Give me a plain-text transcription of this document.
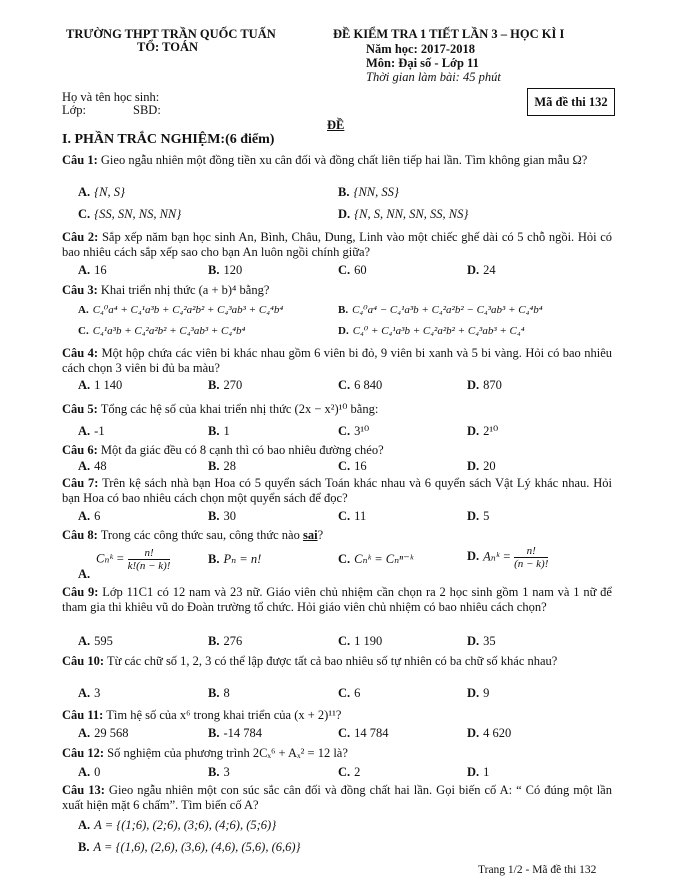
TRƯỜNG THPT TRẦN QUỐC TUẤN
TỔ: TOÁN
ĐỀ KIỂM TRA 1 TIẾT LẦN 3 – HỌC KÌ I
Năm học: 2017-2018
Môn: Đại số - Lớp 11
Thời gian làm bài: 45 phút
Họ và tên học sinh:
Lớp:	SBD:
Mã đề thi 132
ĐỀ
I. PHẦN TRẮC NGHIỆM:(6 điểm)
Câu 1: Gieo ngẫu nhiên một đồng tiền xu cân đối và đồng chất liên tiếp hai lần. Tìm không gian mẫu Ω?
A. {N, S}	B. {NN, SS}
C. {SS, SN, NS, NN}	D. {N, S, NN, SN, SS, NS}
Câu 2: Sắp xếp năm bạn học sinh An, Bình, Châu, Dung, Linh vào một chiếc ghế dài có 5 chỗ ngồi. Hỏi có bao nhiêu cách sắp xếp sao cho bạn An luôn ngồi chính giữa?
A. 16	B. 120	C. 60	D. 24
Câu 3: Khai triển nhị thức (a + b)⁴ bằng?
A. C₄⁰a⁴ + C₄¹a³b + C₄²a²b² + C₄³ab³ + C₄⁴b⁴	B. C₄⁰a⁴ − C₄¹a³b + C₄²a²b² − C₄³ab³ + C₄⁴b⁴
C. C₄¹a³b + C₄²a²b² + C₄³ab³ + C₄⁴b⁴	D. C₄⁰ + C₄¹a³b + C₄²a²b² + C₄³ab³ + C₄⁴
Câu 4: Một hộp chứa các viên bi khác nhau gồm 6 viên bi đỏ, 9 viên bi xanh và 5 bi vàng. Hỏi có bao nhiêu cách chọn 3 viên bi đủ ba màu?
A. 1 140	B. 270	C. 6 840	D. 870
Câu 5: Tổng các hệ số của khai triển nhị thức (2x − x²)¹⁰ bằng:
A. -1	B. 1	C. 3¹⁰	D. 2¹⁰
Câu 6: Một đa giác đều có 8 cạnh thì có bao nhiêu đường chéo?
A. 48	B. 28	C. 16	D. 20
Câu 7: Trên kệ sách nhà bạn Hoa có 5 quyển sách Toán khác nhau và 6 quyển sách Vật Lý khác nhau. Hỏi bạn Hoa có bao nhiêu cách chọn một quyển sách để đọc?
A. 6	B. 30	C. 11	D. 5
Câu 8: Trong các công thức sau, công thức nào sai?
A.
Cₙᵏ = $\frac{n!}{k!(n - k)!}$	B. Pₙ = n!	C. Cₙᵏ = Cₙⁿ⁻ᵏ	D. Aₙᵏ = $\frac{n!}{(n - k)!}$
Câu 9: Lớp 11C1 có 12 nam và 23 nữ. Giáo viên chủ nhiệm cần chọn ra 2 học sinh gồm 1 nam và 1 nữ để tham gia thi khiêu vũ do Đoàn trường tổ chức. Hỏi giáo viên chủ nhiệm có bao nhiêu cách chọn?
A. 595	B. 276	C. 1 190	D. 35
Câu 10: Từ các chữ số 1, 2, 3 có thể lập được tất cả bao nhiêu số tự nhiên có ba chữ số khác nhau?
A. 3	B. 8	C. 6	D. 9
Câu 11: Tìm hệ số của x⁶ trong khai triển của (x + 2)¹¹?
A. 29 568	B. -14 784	C. 14 784	D. 4 620
Câu 12: Số nghiệm của phương trình 2Cₓ⁶ + Aₓ² = 12 là?
A. 0	B. 3	C. 2	D. 1
Câu 13: Gieo ngẫu nhiên một con súc sắc cân đối và đồng chất hai lần. Gọi biến cố A: “ Có đúng một lần xuất hiện mặt 6 chấm”. Tìm biến cố A?
A. A = {(1;6), (2;6), (3;6), (4;6), (5;6)}
B. A = {(1,6), (2,6), (3,6), (4,6), (5,6), (6,6)}
Trang 1/2 - Mã đề thi 132
